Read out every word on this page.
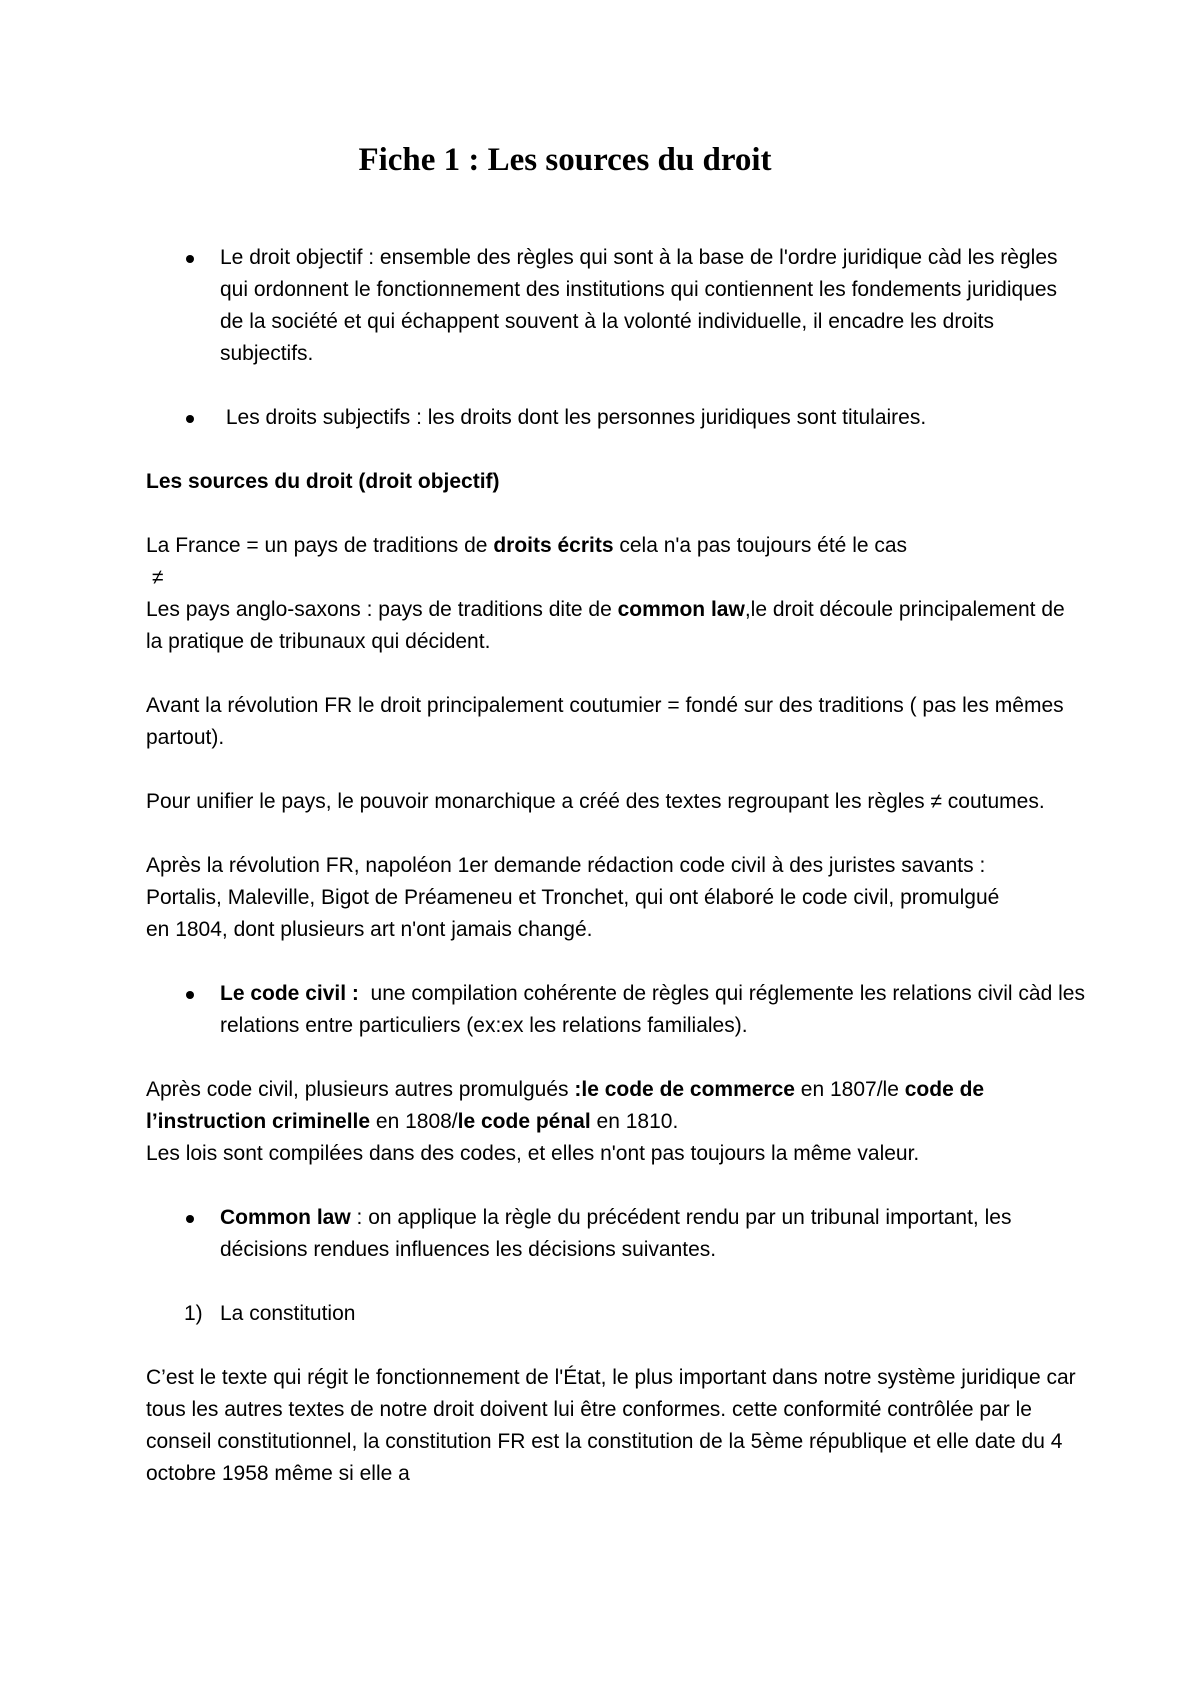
Fiche 1 : Les sources du droit
Le droit objectif : ensemble des règles qui sont à la base de l'ordre juridique càd les règles qui ordonnent le fonctionnement des institutions qui contiennent les fondements juridiques de la société et qui échappent souvent à la volonté individuelle, il encadre les droits subjectifs.
Les droits subjectifs : les droits dont les personnes juridiques sont titulaires.

Les sources du droit (droit objectif)

La France = un pays de traditions de droits écrits cela n'a pas toujours été le cas
≠
Les pays anglo-saxons : pays de traditions dite de common law,le droit découle principalement de la pratique de tribunaux qui décident.

Avant la révolution FR le droit principalement coutumier = fondé sur des traditions ( pas les mêmes partout).

Pour unifier le pays, le pouvoir monarchique a créé des textes regroupant les règles ≠ coutumes.

Après la révolution FR, napoléon 1er demande rédaction code civil à des juristes savants : Portalis, Maleville, Bigot de Préameneu et Tronchet, qui ont élaboré le code civil, promulgué
en 1804, dont plusieurs art n'ont jamais changé.

Le code civil :  une compilation cohérente de règles qui réglemente les relations civil càd les relations entre particuliers (ex:ex les relations familiales).

Après code civil, plusieurs autres promulgués :le code de commerce en 1807/le code de l’instruction criminelle en 1808/le code pénal en 1810.
Les lois sont compilées dans des codes, et elles n'ont pas toujours la même valeur.

Common law : on applique la règle du précédent rendu par un tribunal important, les décisions rendues influences les décisions suivantes.
1) La constitution

C’est le texte qui régit le fonctionnement de l'État, le plus important dans notre système juridique car tous les autres textes de notre droit doivent lui être conformes. cette conformité contrôlée par le conseil constitutionnel, la constitution FR est la constitution de la 5ème république et elle date du 4 octobre 1958 même si elle a
